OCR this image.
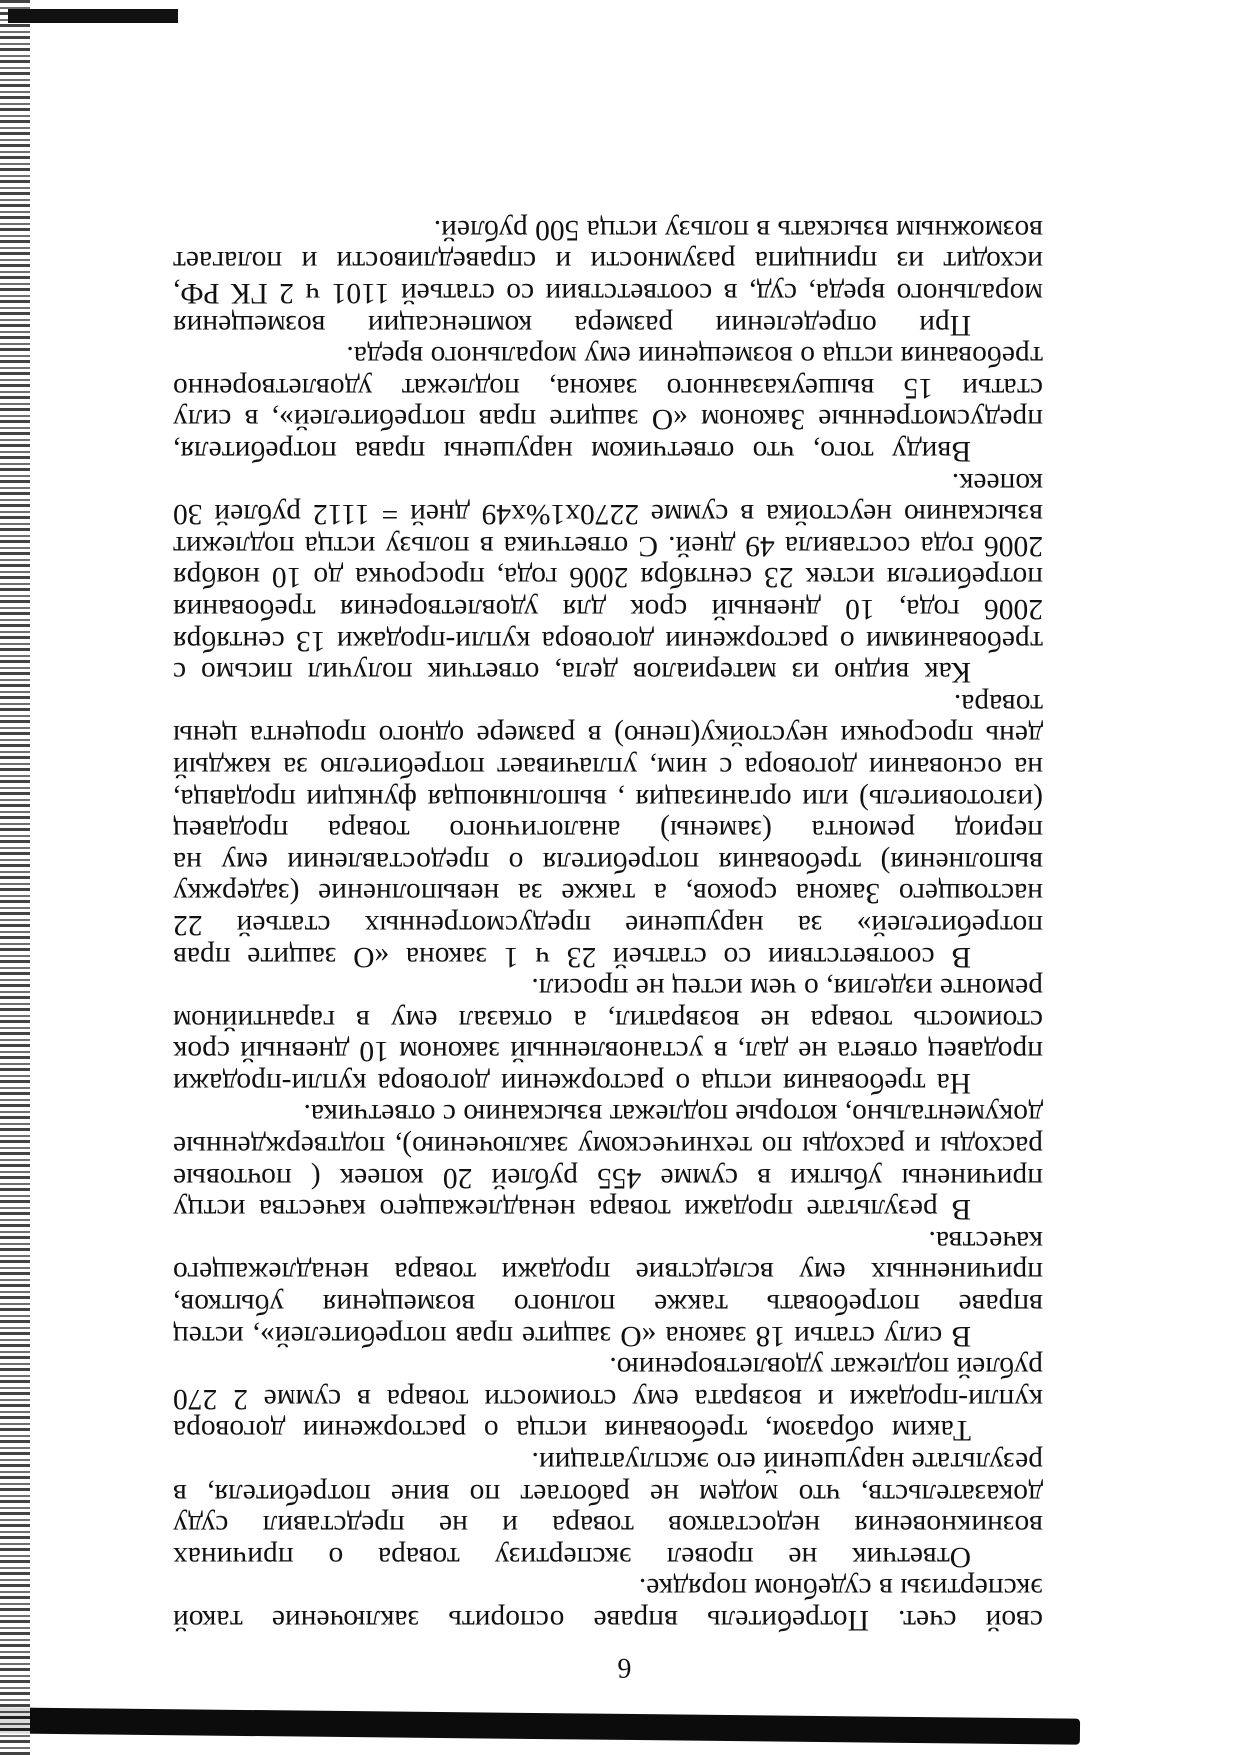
6

свой счет. Потребитель вправе оспорить заключение такой экспертизы в судебном порядке.

Ответчик не провел экспертизу товара о причинах возникновения недостатков товара и не представил суду доказательств, что модем не работает по вине потребителя, в результате нарушений его эксплуатации.

Таким образом, требования истца о расторжении договора купли-продажи и возврата ему стоимости товара в сумме 2 270 рублей подлежат удовлетворению.

В силу статьи 18 закона «О защите прав потребителей», истец вправе потребовать также полного возмещения убытков, причиненных ему вследствие продажи товара ненадлежащего качества.

В результате продажи товара ненадлежащего качества истцу причинены убытки в сумме 455 рублей 20 копеек ( почтовые расходы и расходы по техническому заключению), подтвержденные документально, которые подлежат взысканию с ответчика.

На требования истца о расторжении договора купли-продажи продавец ответа не дал, в установленный законом 10 дневный срок стоимость товара не возвратил, а отказал ему в гарантийном ремонте изделия, о чем истец не просил.

В соответствии со статьей 23 ч 1 закона «О защите прав потребителей» за нарушение предусмотренных статьей 22 настоящего Закона сроков, а также за невыполнение (задержку выполнения) требования потребителя о предоставлении ему на период ремонта (замены) аналогичного товара продавец (изготовитель) или организация , выполняющая функции продавца, на основании договора с ним, уплачивает потребителю за каждый день просрочки неустойку(пеню) в размере одного процента цены товара.

Как видно из материалов дела, ответчик получил письмо с требованиями о расторжении договора купли-продажи 13 сентября 2006 года, 10 дневный срок для удовлетворения требования потребителя истек 23 сентября 2006 года, просрочка до 10 ноября 2006 года составила 49 дней. С ответчика в пользу истца подлежит взысканию неустойка в сумме 2270х1%х49 дней = 1112 рублей 30 копеек.

Ввиду того, что ответчиком нарушены права потребителя, предусмотренные Законом «О защите прав потребителей», в силу статьи 15 вышеуказанного закона, подлежат удовлетворенно требования истца о возмещении ему морального вреда.

При определении размера компенсации возмещения морального вреда, суд, в соответствии со статьей 1101 ч 2 ГК РФ, исходит из принципа разумности и справедливости и полагает возможным взыскать в пользу истца 500 рублей.
